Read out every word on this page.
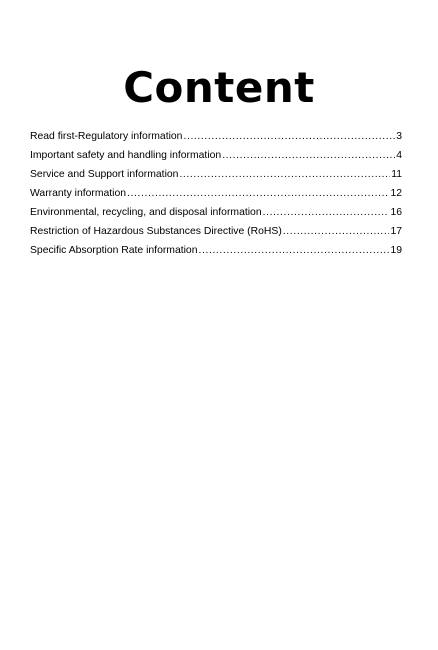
Content
Read first-Regulatory information .....	3
Important safety and handling information .....	4
Service and Support information .....	11
Warranty information .....	12
Environmental, recycling, and disposal information .....	16
Restriction of Hazardous Substances Directive (RoHS) .....	17
Specific Absorption Rate information .....	19
